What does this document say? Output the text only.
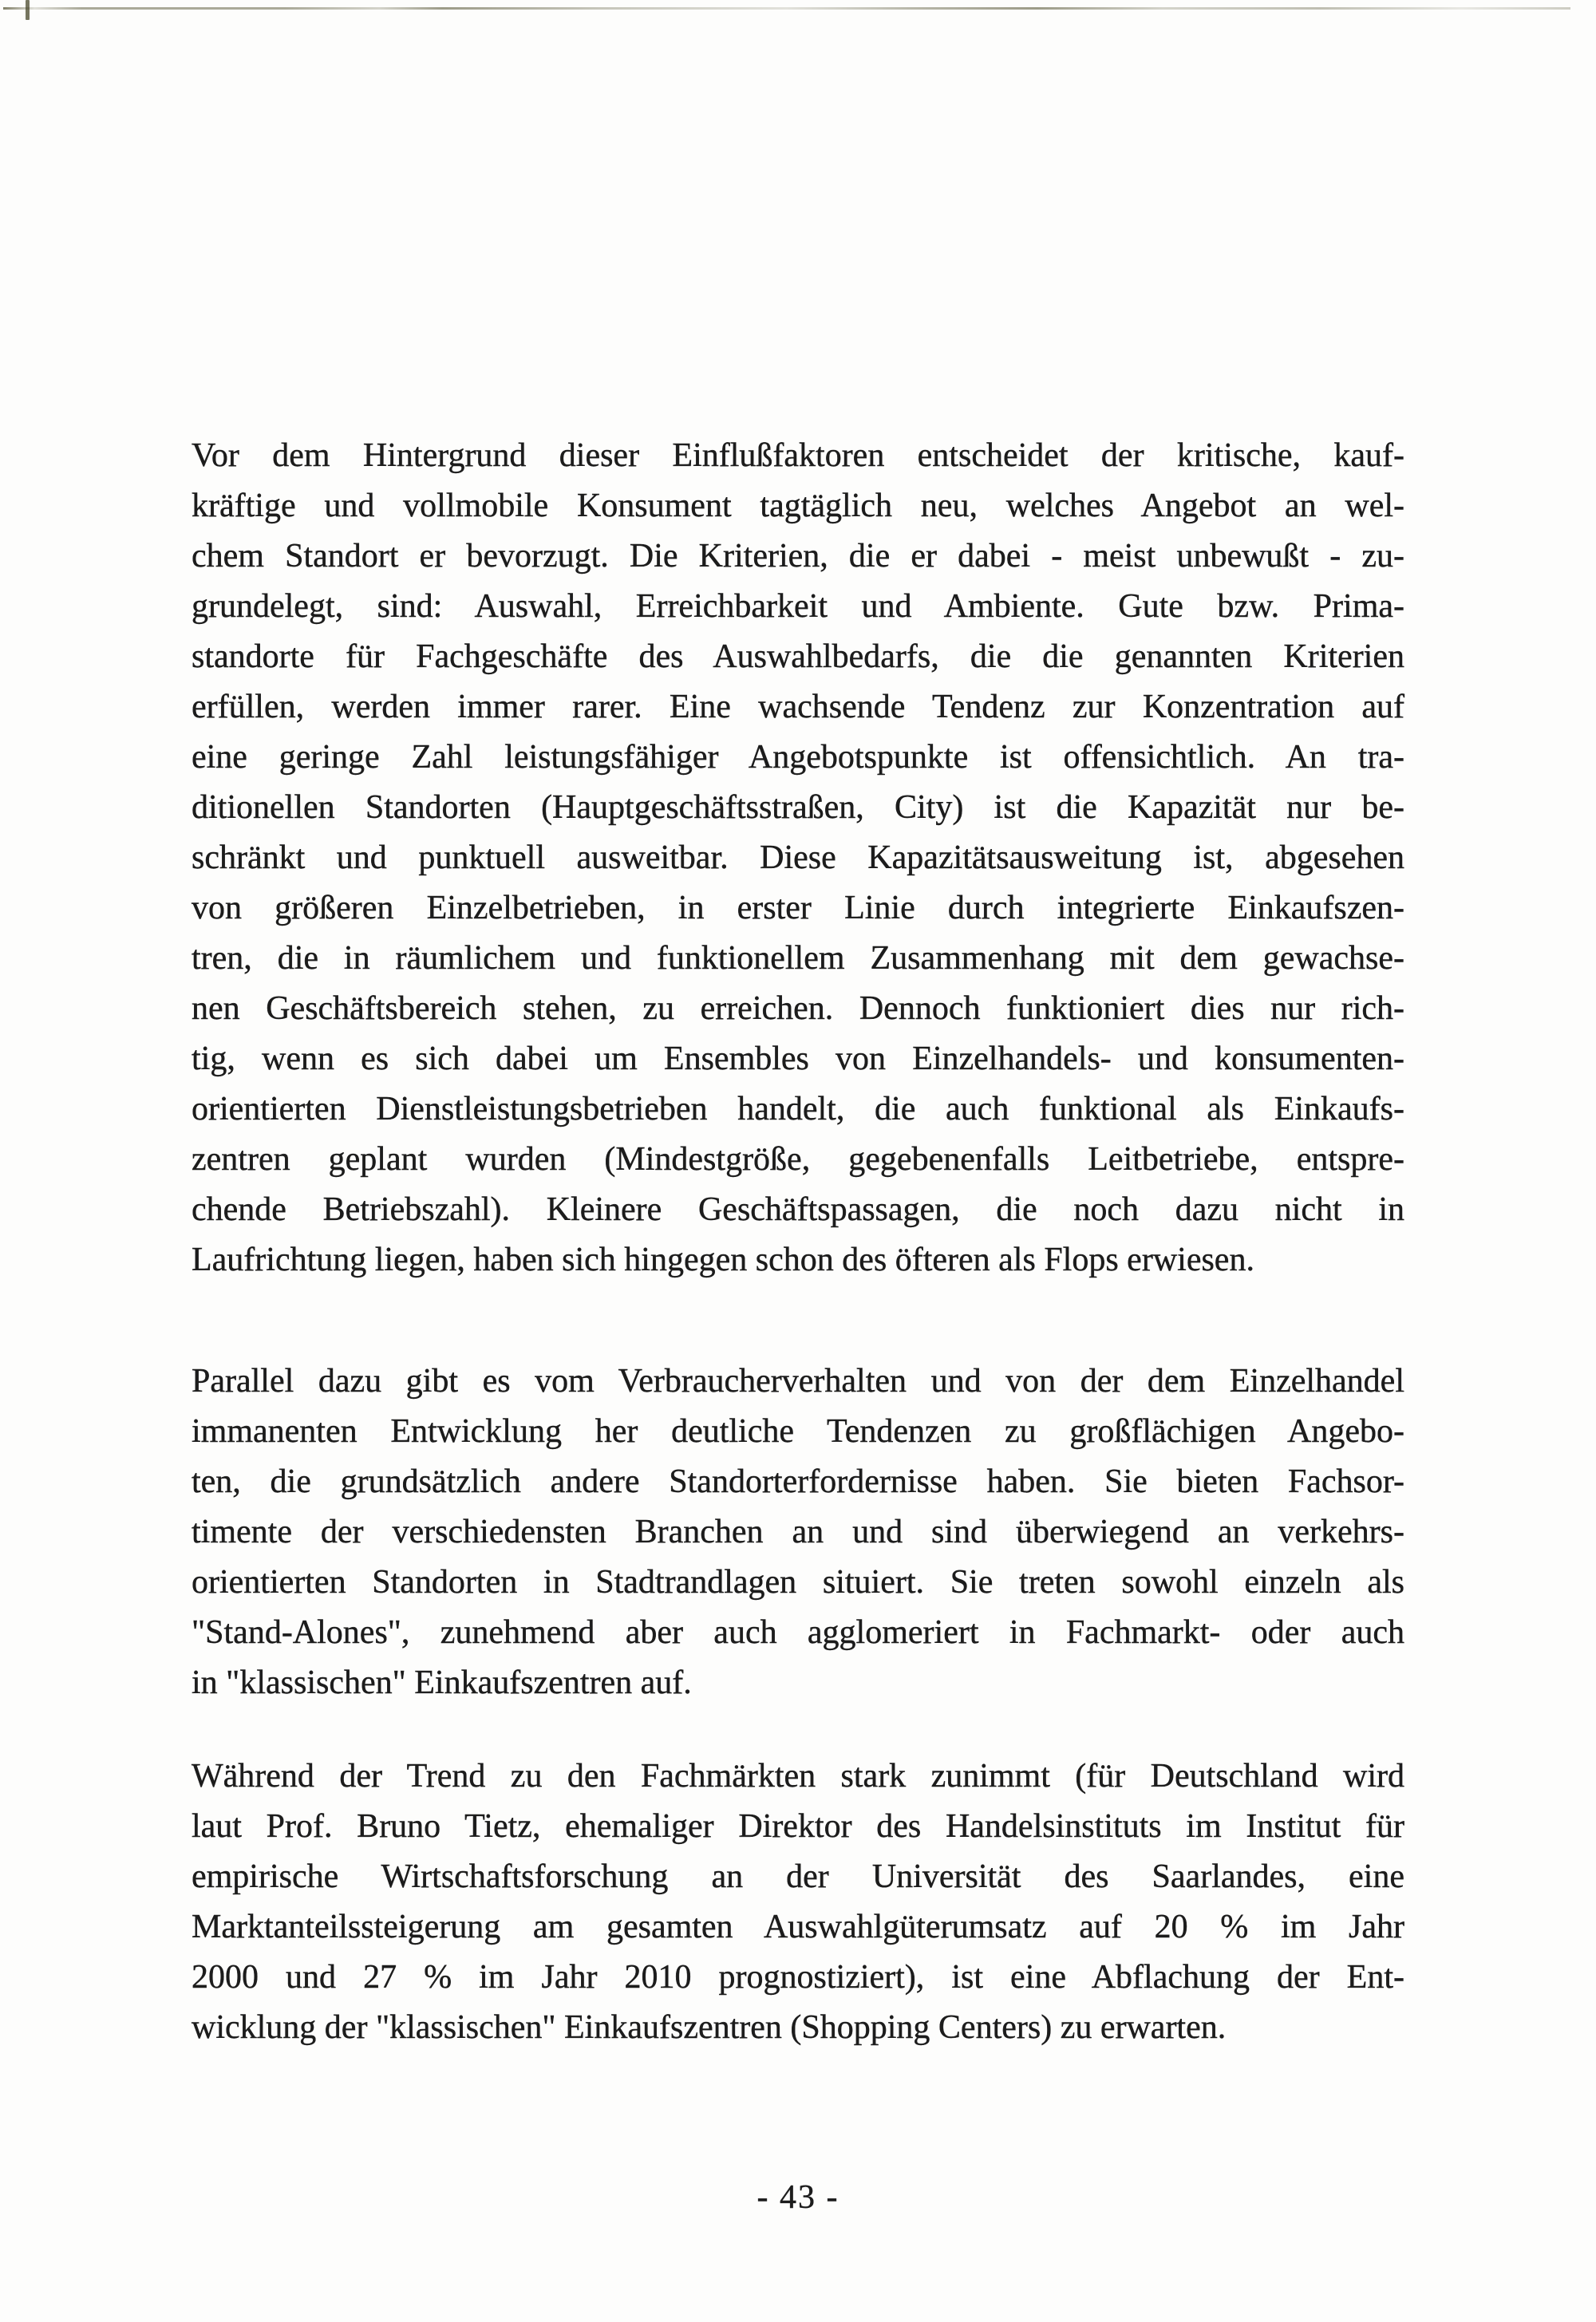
Vor dem Hintergrund dieser Einflußfaktoren entscheidet der kritische, kauf-
kräftige und vollmobile Konsument tagtäglich neu, welches Angebot an wel-
chem Standort er bevorzugt. Die Kriterien, die er dabei - meist unbewußt - zu-
grundelegt, sind: Auswahl, Erreichbarkeit und Ambiente. Gute bzw. Prima-
standorte für Fachgeschäfte des Auswahlbedarfs, die die genannten Kriterien
erfüllen, werden immer rarer. Eine wachsende Tendenz zur Konzentration auf
eine geringe Zahl leistungsfähiger Angebotspunkte ist offensichtlich. An tra-
ditionellen Standorten (Hauptgeschäftsstraßen, City) ist die Kapazität nur be-
schränkt und punktuell ausweitbar. Diese Kapazitätsausweitung ist, abgesehen
von größeren Einzelbetrieben, in erster Linie durch integrierte Einkaufszen-
tren, die in räumlichem und funktionellem Zusammenhang mit dem gewachse-
nen Geschäftsbereich stehen, zu erreichen. Dennoch funktioniert dies nur rich-
tig, wenn es sich dabei um Ensembles von Einzelhandels- und konsumenten-
orientierten Dienstleistungsbetrieben handelt, die auch funktional als Einkaufs-
zentren geplant wurden (Mindestgröße, gegebenenfalls Leitbetriebe, entspre-
chende Betriebszahl). Kleinere Geschäftspassagen, die noch dazu nicht in
Laufrichtung liegen, haben sich hingegen schon des öfteren als Flops erwiesen.
Parallel dazu gibt es vom Verbraucherverhalten und von der dem Einzelhandel
immanenten Entwicklung her deutliche Tendenzen zu großflächigen Angebo-
ten, die grundsätzlich andere Standorterfordernisse haben. Sie bieten Fachsor-
timente der verschiedensten Branchen an und sind überwiegend an verkehrs-
orientierten Standorten in Stadtrandlagen situiert. Sie treten sowohl einzeln als
"Stand-Alones", zunehmend aber auch agglomeriert in Fachmarkt- oder auch
in "klassischen" Einkaufszentren auf.
Während der Trend zu den Fachmärkten stark zunimmt (für Deutschland wird
laut Prof. Bruno Tietz, ehemaliger Direktor des Handelsinstituts im Institut für
empirische Wirtschaftsforschung an der Universität des Saarlandes, eine
Marktanteilssteigerung am gesamten Auswahlgüterumsatz auf 20 % im Jahr
2000 und 27 % im Jahr 2010 prognostiziert), ist eine Abflachung der Ent-
wicklung der "klassischen" Einkaufszentren (Shopping Centers) zu erwarten.
- 43 -
